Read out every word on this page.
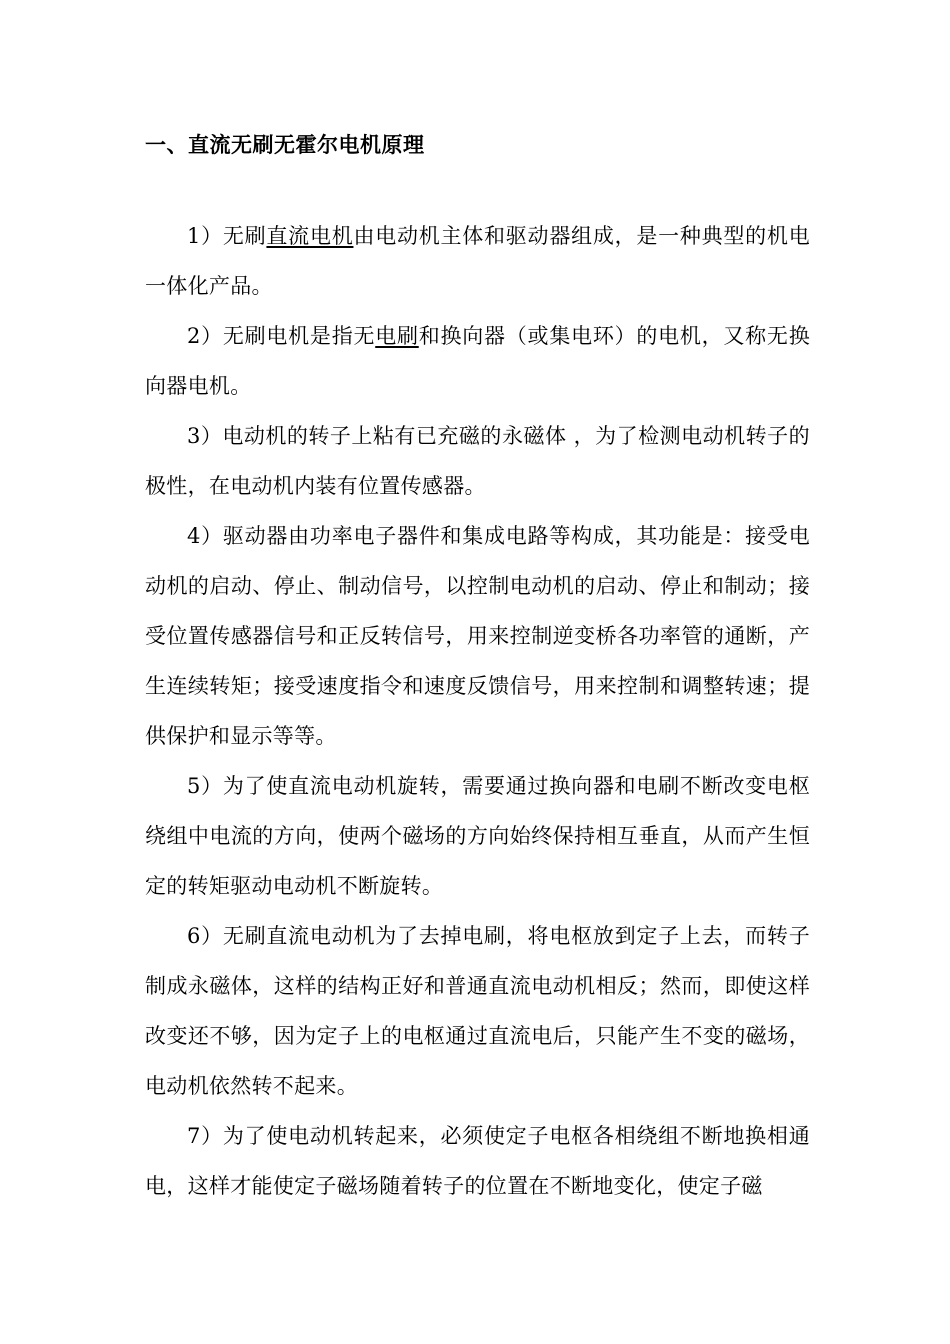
一、直流无刷无霍尔电机原理

1）无刷直流电机由电动机主体和驱动器组成，是一种典型的机电一体化产品。

2）无刷电机是指无电刷和换向器（或集电环）的电机，又称无换向器电机。

3）电动机的转子上粘有已充磁的永磁体 ，为了检测电动机转子的极性，在电动机内装有位置传感器。

4）驱动器由功率电子器件和集成电路等构成，其功能是：接受电动机的启动、停止、制动信号，以控制电动机的启动、停止和制动；接受位置传感器信号和正反转信号，用来控制逆变桥各功率管的通断，产生连续转矩；接受速度指令和速度反馈信号，用来控制和调整转速；提供保护和显示等等。

5）为了使直流电动机旋转，需要通过换向器和电刷不断改变电枢绕组中电流的方向，使两个磁场的方向始终保持相互垂直，从而产生恒定的转矩驱动电动机不断旋转。

6）无刷直流电动机为了去掉电刷，将电枢放到定子上去，而转子制成永磁体，这样的结构正好和普通直流电动机相反；然而，即使这样改变还不够，因为定子上的电枢通过直流电后，只能产生不变的磁场，电动机依然转不起来。

7）为了使电动机转起来，必须使定子电枢各相绕组不断地换相通电，这样才能使定子磁场随着转子的位置在不断地变化，使定子磁
